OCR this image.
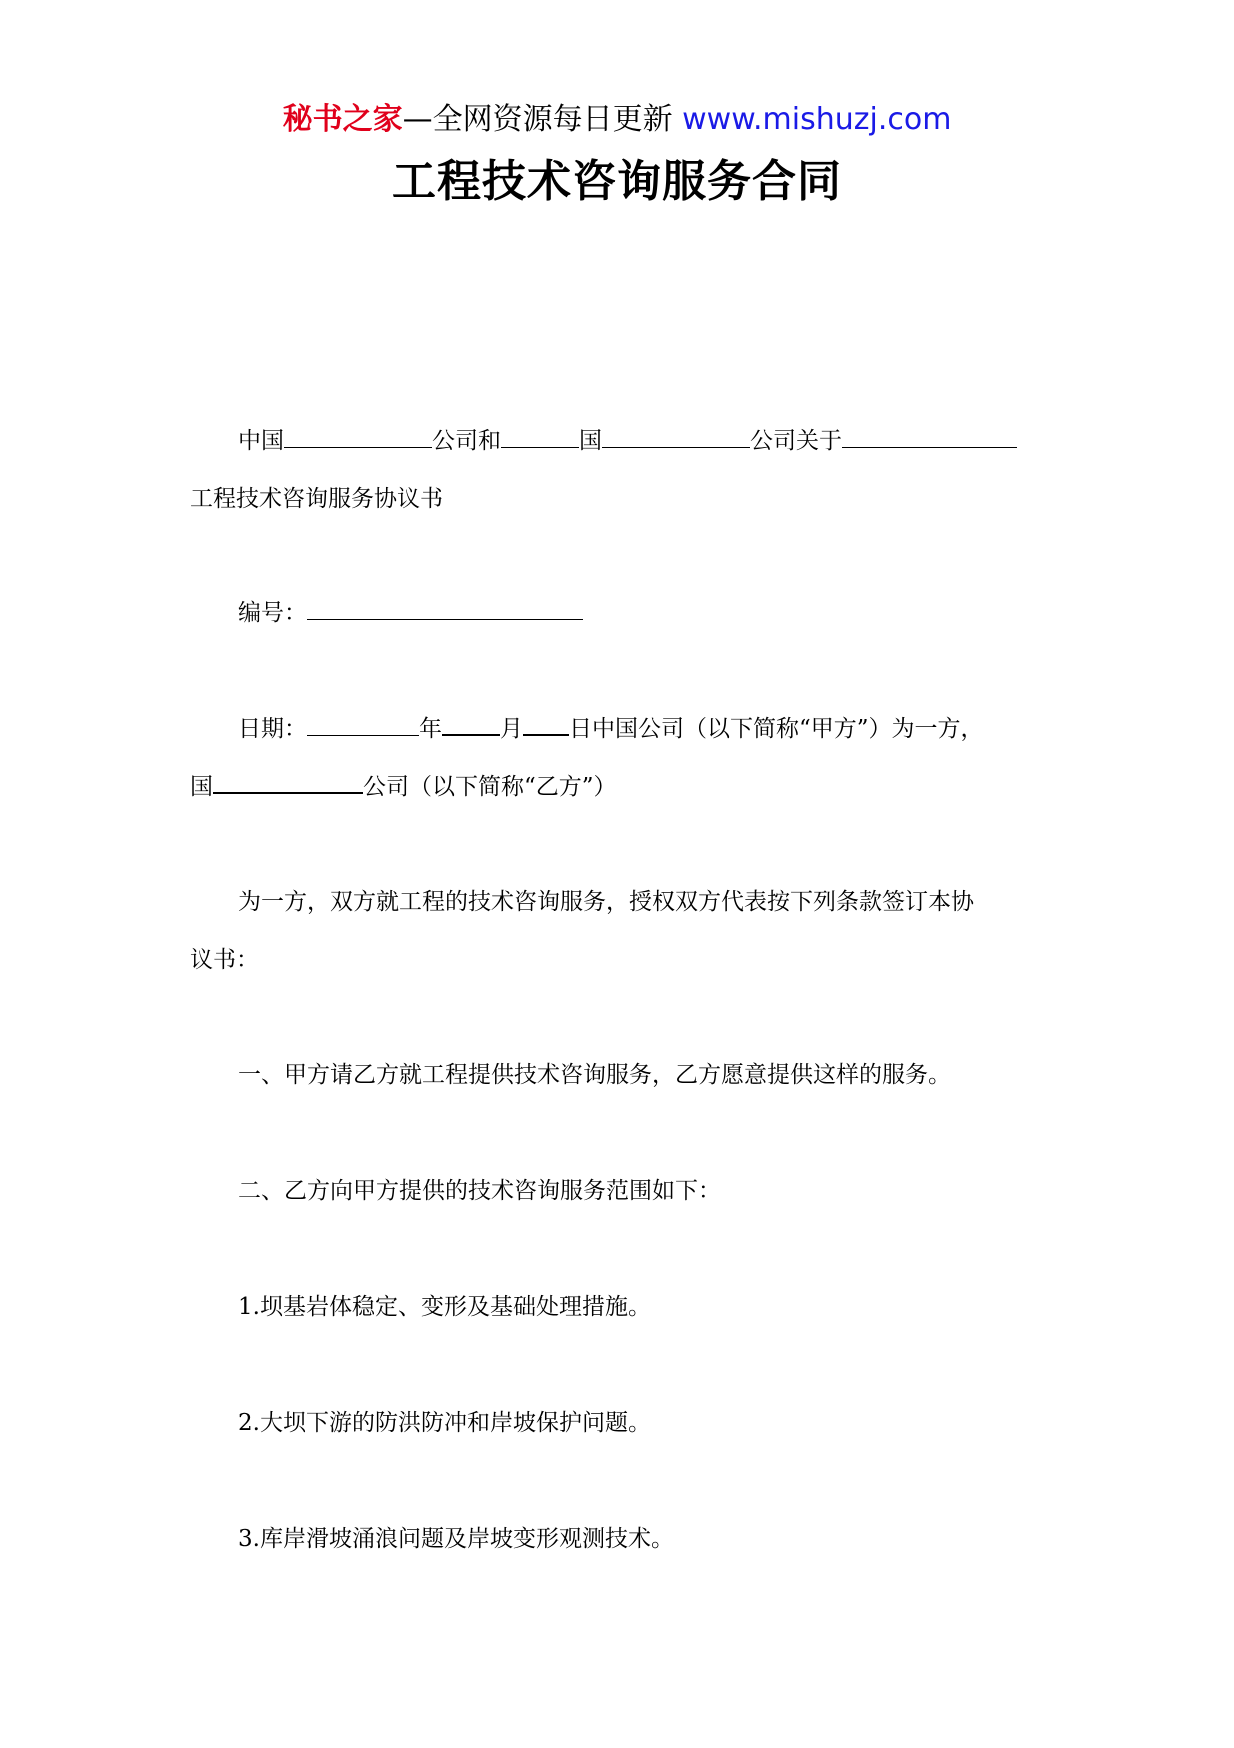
秘书之家—全网资源每日更新 www.mishuzj.com
工程技术咨询服务合同
中国	公司和	国	公司关于
工程技术咨询服务协议书
编号：
日期：	年	月 日中国公司（以下简称“甲方”）为一方，
国	公司（以下简称“乙方”）
为一方，双方就工程的技术咨询服务，授权双方代表按下列条款签订本协
议书：
一、甲方请乙方就工程提供技术咨询服务，乙方愿意提供这样的服务。
二、乙方向甲方提供的技术咨询服务范围如下：
1.坝基岩体稳定、变形及基础处理措施。
2.大坝下游的防洪防冲和岸坡保护问题。
3.库岸滑坡涌浪问题及岸坡变形观测技术。
